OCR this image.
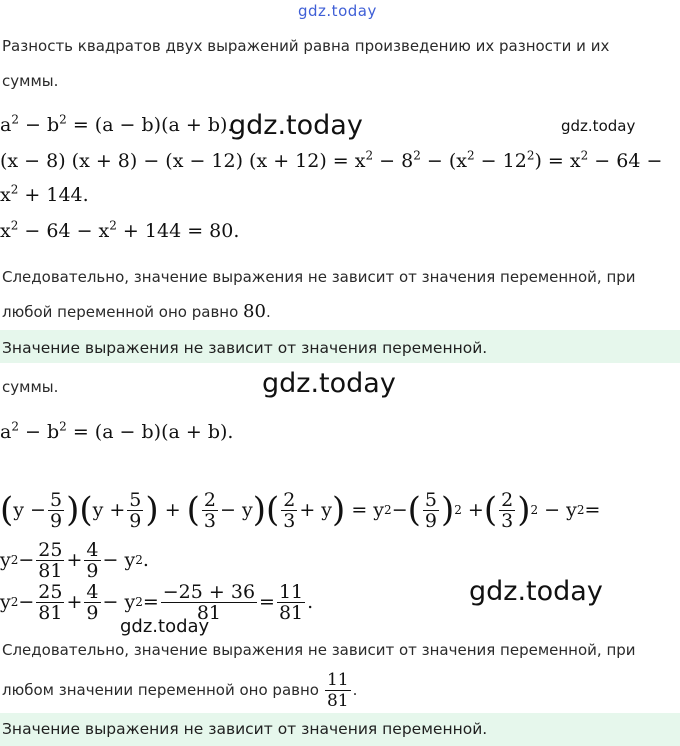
gdz.today
Разность квадратов двух выражений равна произведению их разности и их
суммы.
$a^2 - b^2 = (a - b)(a + b)$.
gdz.today	gdz.today
(x − 8) (x + 8) − (x − 12) $(x + 12) = x^2 - 8^2 - (x^2 - 12^2) = x^2 - 64$ −
$x^2 + 144$.
$x^2 - 64 - x^2 + 144 = 80$.
Следовательно, значение выражения не зависит от значения переменной, при
любой переменной оно равно 80.
Значение выражения не зависит от значения переменной.
суммы.	gdz.today
$a^2 - b^2 = (a - b)(a + b)$.
( $y - \frac{5}{9}$ ) ( $y + \frac{5}{9}$ ) + ( $\frac{2}{3} - y$ ) ( $\frac{2}{3} + y$ ) = y 2 − ( $\frac{5}{9}$ ) 2 + ( $\frac{2}{3}$ ) 2 − y 2 =
y $2 - \frac{25}{81} + \frac{4}{9} - y$ 2 .
y $2 - \frac{25}{81} + \frac{4}{9} - y$ $2 = \frac{-25 + 36}{81} = \frac{11}{81}$ .	gdz.today
gdz.today
Следовательно, значение выражения не зависит от значения переменной, при
любом значении переменной оно равно $\frac{11}{81}$ .
Значение выражения не зависит от значения переменной.
